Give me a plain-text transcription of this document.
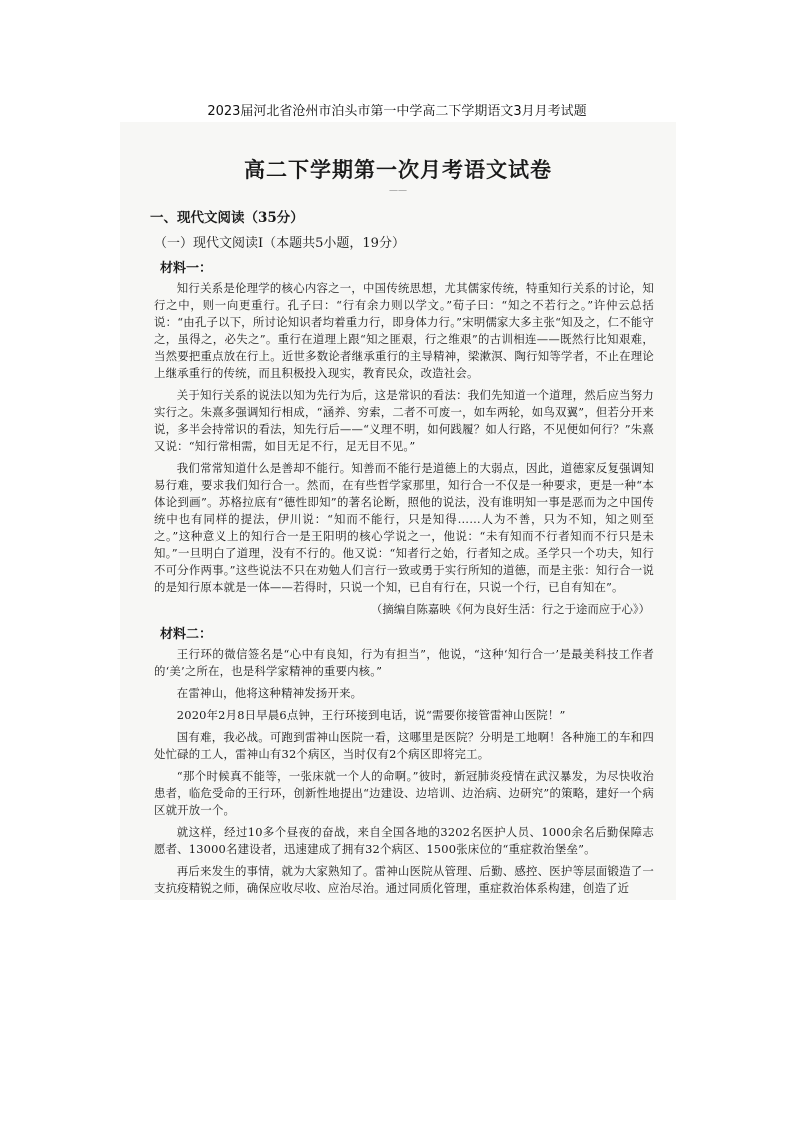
2023届河北省沧州市泊头市第一中学高二下学期语文3月月考试题
高二下学期第一次月考语文试卷
——
一、现代文阅读（35分）
（一）现代文阅读Ⅰ（本题共5小题，19分）
材料一：

知行关系是伦理学的核心内容之一，中国传统思想，尤其儒家传统，特重知行关系的讨论，知行之中，则一向更重行。孔子曰：“行有余力则以学文。”荀子曰：“知之不若行之。”许仲云总括说：“由孔子以下，所讨论知识者均着重力行，即身体力行。”宋明儒家大多主张“知及之，仁不能守之，虽得之，必失之”。重行在道理上跟“知之匪艰，行之维艰”的古训相连——既然行比知艰难，当然要把重点放在行上。近世多数论者继承重行的主导精神，梁漱溟、陶行知等学者，不止在理论上继承重行的传统，而且积极投入现实，教育民众，改造社会。

关于知行关系的说法以知为先行为后，这是常识的看法：我们先知道一个道理，然后应当努力实行之。朱熹多强调知行相成，“涵养、穷索，二者不可废一，如车两轮，如鸟双翼”，但若分开来说，多半会持常识的看法，知先行后——“义理不明，如何践履？如人行路，不见便如何行？”朱熹又说：“知行常相需，如目无足不行，足无目不见。”

我们常常知道什么是善却不能行。知善而不能行是道德上的大弱点，因此，道德家反复强调知易行难，要求我们知行合一。然而，在有些哲学家那里，知行合一不仅是一种要求，更是一种“本体论到画”。苏格拉底有“德性即知”的著名论断，照他的说法，没有谁明知一事是恶而为之中国传统中也有同样的提法，伊川说：“知而不能行，只是知得……人为不善，只为不知，知之则至之。”这种意义上的知行合一是王阳明的核心学说之一，他说：“未有知而不行者知而不行只是未知。”一旦明白了道理，没有不行的。他又说：“知者行之始，行者知之成。圣学只一个功夫，知行不可分作两事。”这些说法不只在劝勉人们言行一致或勇于实行所知的道德，而是主张：知行合一说的是知行原本就是一体——若得时，只说一个知，已自有行在，只说一个行，已自有知在”。

（摘编自陈嘉映《何为良好生活：行之于途而应于心》）
材料二：

王行环的微信签名是“心中有良知，行为有担当”，他说，“这种‘知行合一’是最美科技工作者的‘美’之所在，也是科学家精神的重要内核。”

在雷神山，他将这种精神发扬开来。

2020年2月8日早晨6点钟，王行环接到电话，说“需要你接管雷神山医院！”

国有难，我必战。可跑到雷神山医院一看，这哪里是医院？分明是工地啊！各种施工的车和四处忙碌的工人，雷神山有32个病区，当时仅有2个病区即将完工。

“那个时候真不能等，一张床就一个人的命啊。”彼时，新冠肺炎疫情在武汉暴发，为尽快收治患者，临危受命的王行环，创新性地提出“边建设、边培训、边治病、边研究”的策略，建好一个病区就开放一个。

就这样，经过10多个昼夜的奋战，来自全国各地的3202名医护人员、1000余名后勤保障志愿者、13000名建设者，迅速建成了拥有32个病区、1500张床位的“重症救治堡垒”。

再后来发生的事情，就为大家熟知了。雷神山医院从管理、后勤、感控、医护等层面锻造了一支抗疫精锐之师，确保应收尽收、应治尽治。通过同质化管理，重症救治体系构建，创造了近
